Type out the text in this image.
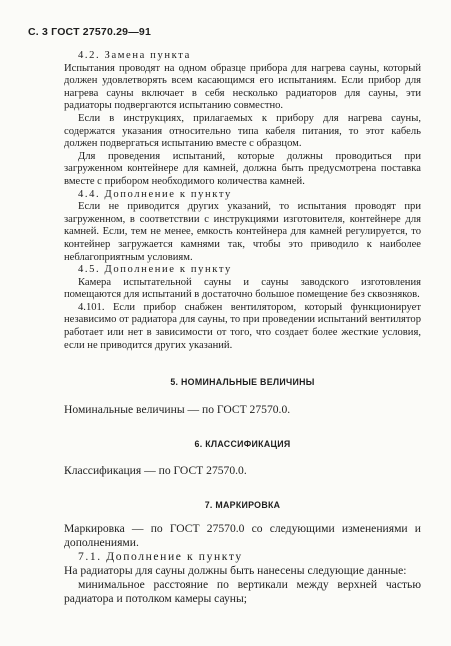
С. 3 ГОСТ 27570.29—91

4.2. Замена пункта

Испытания проводят на одном образце прибора для нагрева сауны, который должен удовлетворять всем касающимся его испытаниям. Если прибор для нагрева сауны включает в себя несколько радиаторов для сауны, эти радиаторы подвергаются испытанию совместно.

Если в инструкциях, прилагаемых к прибору для нагрева сауны, содержатся указания относительно типа кабеля питания, то этот кабель должен подвергаться испытанию вместе с образцом.

Для проведения испытаний, которые должны проводиться при загруженном контейнере для камней, должна быть предусмотрена поставка вместе с прибором необходимого количества камней.

4.4. Дополнение к пункту

Если не приводится других указаний, то испытания проводят при загруженном, в соответствии с инструкциями изготовителя, контейнере для камней. Если, тем не менее, емкость контейнера для камней регулируется, то контейнер загружается камнями так, чтобы это приводило к наиболее неблагоприятным условиям.

4.5. Дополнение к пункту

Камера испытательной сауны и сауны заводского изготовления помещаются для испытаний в достаточно большое помещение без сквозняков.

4.101. Если прибор снабжен вентилятором, который функционирует независимо от радиатора для сауны, то при проведении испытаний вентилятор работает или нет в зависимости от того, что создает более жесткие условия, если не приводится других указаний.

5. НОМИНАЛЬНЫЕ ВЕЛИЧИНЫ

Номинальные величины — по ГОСТ 27570.0.

6. КЛАССИФИКАЦИЯ

Классификация — по ГОСТ 27570.0.

7. МАРКИРОВКА

Маркировка — по ГОСТ 27570.0 со следующими изменениями и дополнениями.

7.1. Дополнение к пункту

На радиаторы для сауны должны быть нанесены следующие данные:

минимальное расстояние по вертикали между верхней частью радиатора и потолком камеры сауны;
